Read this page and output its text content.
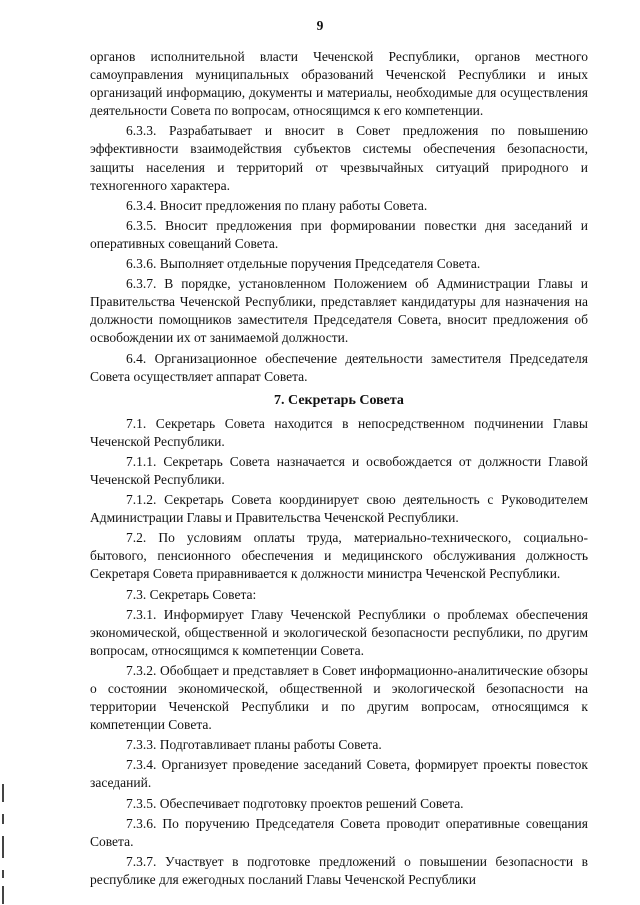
9

органов исполнительной власти Чеченской Республики, органов местного самоуправления муниципальных образований Чеченской Республики и иных организаций информацию, документы и материалы, необходимые для осуществления деятельности Совета по вопросам, относящимся к его компетенции.

6.3.3. Разрабатывает и вносит в Совет предложения по повышению эффективности взаимодействия субъектов системы обеспечения безопасности, защиты населения и территорий от чрезвычайных ситуаций природного и техногенного характера.

6.3.4. Вносит предложения по плану работы Совета.

6.3.5. Вносит предложения при формировании повестки дня заседаний и оперативных совещаний Совета.

6.3.6. Выполняет отдельные поручения Председателя Совета.

6.3.7. В порядке, установленном Положением об Администрации Главы и Правительства Чеченской Республики, представляет кандидатуры для назначения на должности помощников заместителя Председателя Совета, вносит предложения об освобождении их от занимаемой должности.

6.4. Организационное обеспечение деятельности заместителя Председателя Совета осуществляет аппарат Совета.

7. Секретарь Совета

7.1. Секретарь Совета находится в непосредственном подчинении Главы Чеченской Республики.

7.1.1. Секретарь Совета назначается и освобождается от должности Главой Чеченской Республики.

7.1.2. Секретарь Совета координирует свою деятельность с Руководителем Администрации Главы и Правительства Чеченской Республики.

7.2. По условиям оплаты труда, материально-технического, социально-бытового, пенсионного обеспечения и медицинского обслуживания должность Секретаря Совета приравнивается к должности министра Чеченской Республики.

7.3. Секретарь Совета:

7.3.1. Информирует Главу Чеченской Республики о проблемах обеспечения экономической, общественной и экологической безопасности республики, по другим вопросам, относящимся к компетенции Совета.

7.3.2. Обобщает и представляет в Совет информационно-аналитические обзоры о состоянии экономической, общественной и экологической безопасности на территории Чеченской Республики и по другим вопросам, относящимся к компетенции Совета.

7.3.3. Подготавливает планы работы Совета.

7.3.4. Организует проведение заседаний Совета, формирует проекты повесток заседаний.

7.3.5. Обеспечивает подготовку проектов решений Совета.

7.3.6. По поручению Председателя Совета проводит оперативные совещания Совета.

7.3.7. Участвует в подготовке предложений о повышении безопасности в республике для ежегодных посланий Главы Чеченской Республики
